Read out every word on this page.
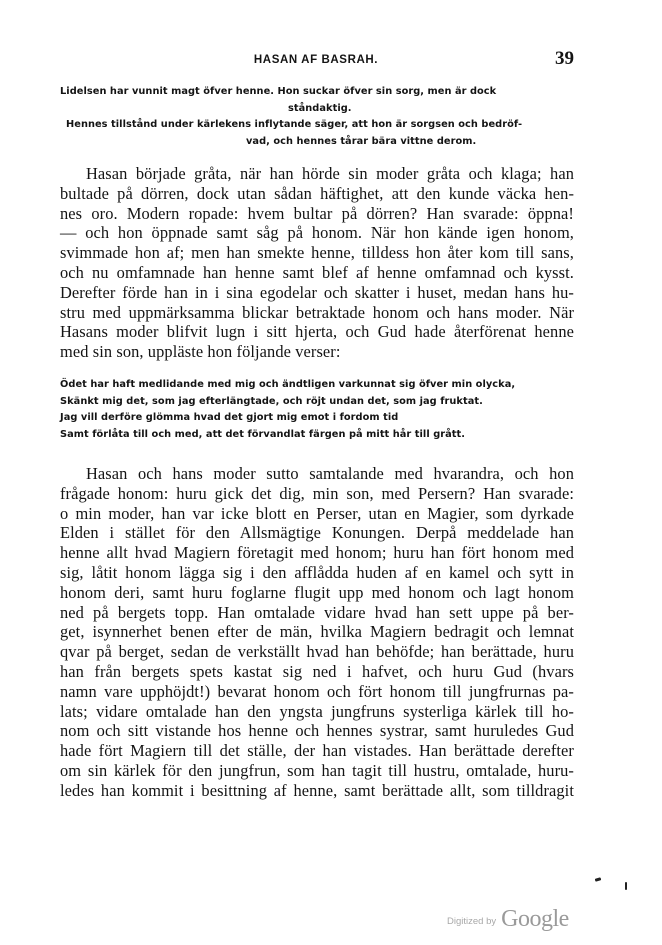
HASAN AF BASRAH.	39
Lidelsen har vunnit magt öfver henne. Hon suckar öfver sin sorg, men är dock
ståndaktig.
Hennes tillstånd under kärlekens inflytande säger, att hon är sorgsen och bedröf-
vad, och hennes tårar bära vittne derom.
Hasan började gråta, när han hörde sin moder gråta och klaga; han
bultade på dörren, dock utan sådan häftighet, att den kunde väcka hen-
nes oro. Modern ropade: hvem bultar på dörren? Han svarade: öppna!
— och hon öppnade samt såg på honom. När hon kände igen honom,
svimmade hon af; men han smekte henne, tilldess hon åter kom till sans,
och nu omfamnade han henne samt blef af henne omfamnad och kysst.
Derefter förde han in i sina egodelar och skatter i huset, medan hans hu-
stru med uppmärksamma blickar betraktade honom och hans moder. När
Hasans moder blifvit lugn i sitt hjerta, och Gud hade återförenat henne
med sin son, uppläste hon följande verser:
Ödet har haft medlidande med mig och ändtligen varkunnat sig öfver min olycka,
Skänkt mig det, som jag efterlängtade, och röjt undan det, som jag fruktat.
Jag vill derföre glömma hvad det gjort mig emot i fordom tid
Samt förlåta till och med, att det förvandlat färgen på mitt hår till grått.
Hasan och hans moder sutto samtalande med hvarandra, och hon
frågade honom: huru gick det dig, min son, med Persern? Han svarade:
o min moder, han var icke blott en Perser, utan en Magier, som dyrkade
Elden i stället för den Allsmägtige Konungen. Derpå meddelade han
henne allt hvad Magiern företagit med honom; huru han fört honom med
sig, låtit honom lägga sig i den afflådda huden af en kamel och sytt in
honom deri, samt huru foglarne flugit upp med honom och lagt honom
ned på bergets topp. Han omtalade vidare hvad han sett uppe på ber-
get, isynnerhet benen efter de män, hvilka Magiern bedragit och lemnat
qvar på berget, sedan de verkställt hvad han behöfde; han berättade, huru
han från bergets spets kastat sig ned i hafvet, och huru Gud (hvars
namn vare upphöjdt!) bevarat honom och fört honom till jungfrurnas pa-
lats; vidare omtalade han den yngsta jungfruns systerliga kärlek till ho-
nom och sitt vistande hos henne och hennes systrar, samt huruledes Gud
hade fört Magiern till det ställe, der han vistades. Han berättade derefter
om sin kärlek för den jungfrun, som han tagit till hustru, omtalade, huru-
ledes han kommit i besittning af henne, samt berättade allt, som tilldragit
Digitized by Google
